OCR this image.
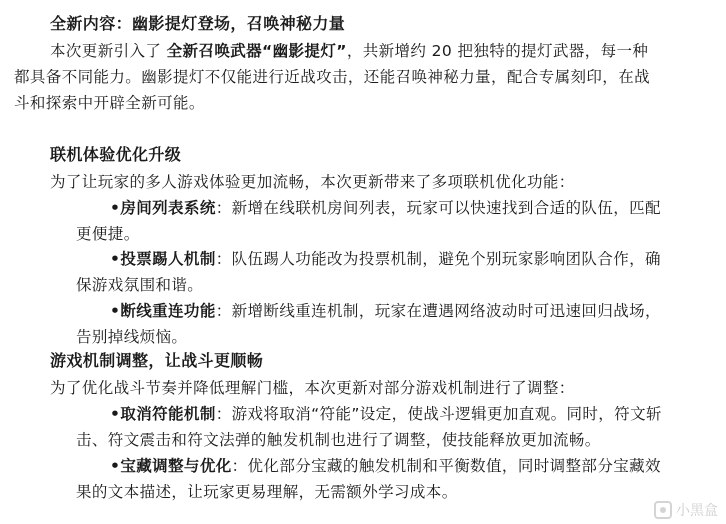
全新内容：幽影提灯登场，召唤神秘力量
本次更新引入了 全新召唤武器“幽影提灯”，共新增约 20 把独特的提灯武器，每一种
都具备不同能力。幽影提灯不仅能进行近战攻击，还能召唤神秘力量，配合专属刻印，在战
斗和探索中开辟全新可能。
联机体验优化升级
为了让玩家的多人游戏体验更加流畅，本次更新带来了多项联机优化功能：
•房间列表系统：新增在线联机房间列表，玩家可以快速找到合适的队伍，匹配
更便捷。
•投票踢人机制：队伍踢人功能改为投票机制，避免个别玩家影响团队合作，确
保游戏氛围和谐。
•断线重连功能：新增断线重连机制，玩家在遭遇网络波动时可迅速回归战场，
告别掉线烦恼。
游戏机制调整，让战斗更顺畅
为了优化战斗节奏并降低理解门槛，本次更新对部分游戏机制进行了调整：
•取消符能机制：游戏将取消“符能”设定，使战斗逻辑更加直观。同时，符文斩
击、符文震击和符文法弹的触发机制也进行了调整，使技能释放更加流畅。
•宝藏调整与优化：优化部分宝藏的触发机制和平衡数值，同时调整部分宝藏效
果的文本描述，让玩家更易理解，无需额外学习成本。
小黑盒
